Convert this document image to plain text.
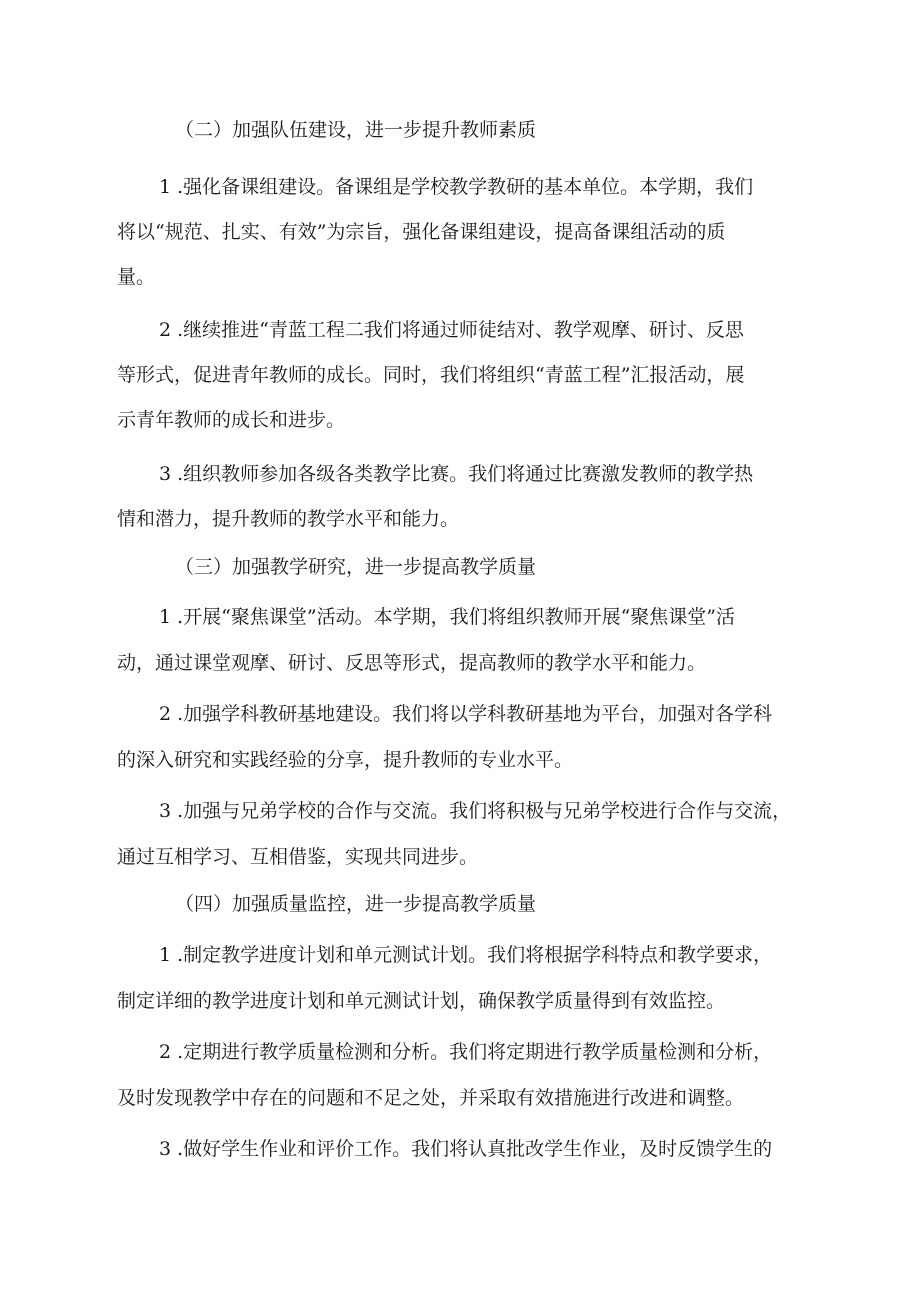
（二）加强队伍建设，进一步提升教师素质
1 .强化备课组建设。备课组是学校教学教研的基本单位。本学期，我们
将以“规范、扎实、有效”为宗旨，强化备课组建设，提高备课组活动的质
量。
2 .继续推进“青蓝工程二我们将通过师徒结对、教学观摩、研讨、反思
等形式，促进青年教师的成长。同时，我们将组织“青蓝工程”汇报活动，展
示青年教师的成长和进步。
3 .组织教师参加各级各类教学比赛。我们将通过比赛激发教师的教学热
情和潜力，提升教师的教学水平和能力。
（三）加强教学研究，进一步提高教学质量
1 .开展“聚焦课堂”活动。本学期，我们将组织教师开展“聚焦课堂”活
动，通过课堂观摩、研讨、反思等形式，提高教师的教学水平和能力。
2 .加强学科教研基地建设。我们将以学科教研基地为平台，加强对各学科
的深入研究和实践经验的分享，提升教师的专业水平。
3 .加强与兄弟学校的合作与交流。我们将积极与兄弟学校进行合作与交流，
通过互相学习、互相借鉴，实现共同进步。
（四）加强质量监控，进一步提高教学质量
1 .制定教学进度计划和单元测试计划。我们将根据学科特点和教学要求，
制定详细的教学进度计划和单元测试计划，确保教学质量得到有效监控。
2 .定期进行教学质量检测和分析。我们将定期进行教学质量检测和分析，
及时发现教学中存在的问题和不足之处，并采取有效措施进行改进和调整。
3 .做好学生作业和评价工作。我们将认真批改学生作业，及时反馈学生的
